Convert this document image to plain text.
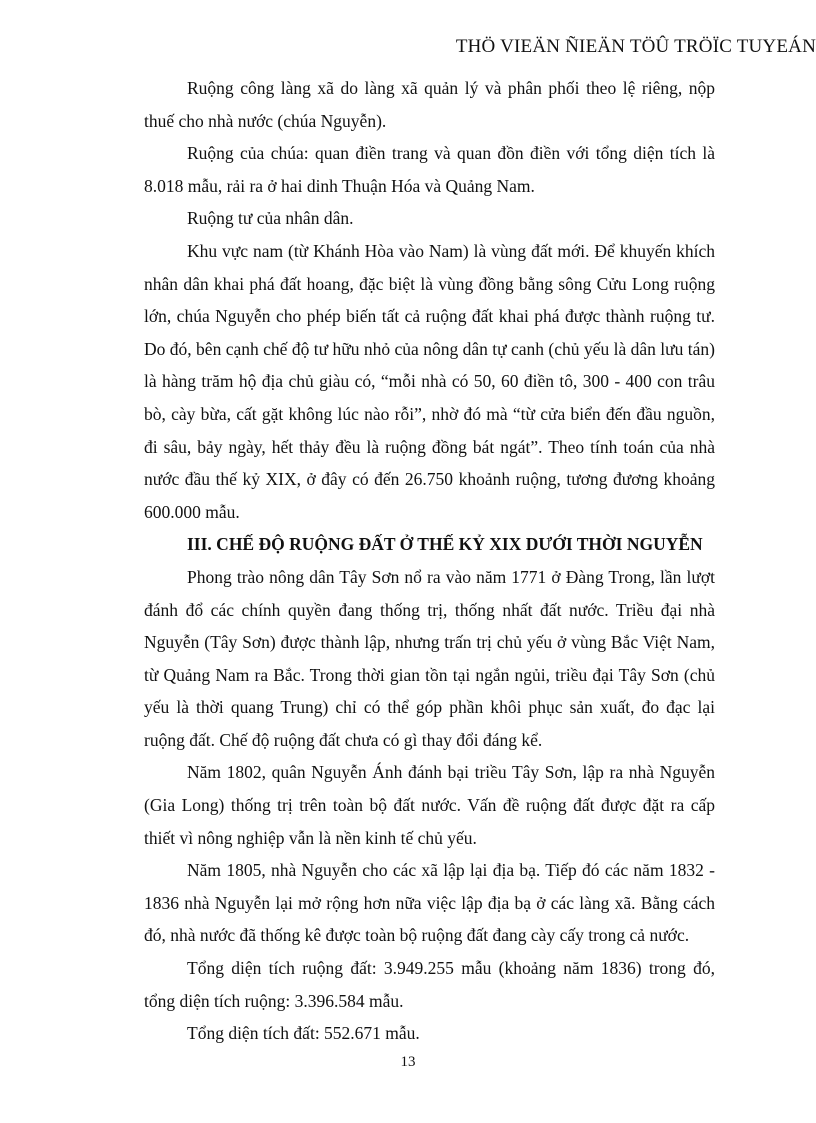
THÖ VIEÄN ÑIEÄN TÖÛ TRÖÏC TUYEÁN

Ruộng công làng xã do làng xã quản lý và phân phối theo lệ riêng, nộp thuế cho nhà nước (chúa Nguyễn).

Ruộng của chúa: quan điền trang và quan đồn điền với tổng diện tích là 8.018 mẫu, rải ra ở hai dinh Thuận Hóa và Quảng Nam.

Ruộng tư của nhân dân.

Khu vực nam (từ Khánh Hòa vào Nam) là vùng đất mới. Để khuyến khích nhân dân khai phá đất hoang, đặc biệt là vùng đồng bằng sông Cửu Long ruộng lớn, chúa Nguyễn cho phép biến tất cả ruộng đất khai phá được thành ruộng tư. Do đó, bên cạnh chế độ tư hữu nhỏ của nông dân tự canh (chủ yếu là dân lưu tán) là hàng trăm hộ địa chủ giàu có, “mỗi nhà có 50, 60 điền tô, 300 - 400 con trâu bò, cày bừa, cất gặt không lúc nào rỗi”, nhờ đó mà “từ cửa biển đến đầu nguồn, đi sâu, bảy ngày, hết thảy đều là ruộng đồng bát ngát”. Theo tính toán của nhà nước đầu thế kỷ XIX, ở đây có đến 26.750 khoảnh ruộng, tương đương khoảng 600.000 mẫu.

III. CHẾ ĐỘ RUỘNG ĐẤT Ở THẾ KỶ XIX DƯỚI THỜI NGUYỄN

Phong trào nông dân Tây Sơn nổ ra vào năm 1771 ở Đàng Trong, lần lượt đánh đổ các chính quyền đang thống trị, thống nhất đất nước. Triều đại nhà Nguyễn (Tây Sơn) được thành lập, nhưng trấn trị chủ yếu ở vùng Bắc Việt Nam, từ Quảng Nam ra Bắc. Trong thời gian tồn tại ngắn ngủi, triều đại Tây Sơn (chủ yếu là thời quang Trung) chỉ có thể góp phần khôi phục sản xuất, đo đạc lại ruộng đất. Chế độ ruộng đất chưa có gì thay đổi đáng kể.

Năm 1802, quân Nguyễn Ánh đánh bại triều Tây Sơn, lập ra nhà Nguyễn (Gia Long) thống trị trên toàn bộ đất nước. Vấn đề ruộng đất được đặt ra cấp thiết vì nông nghiệp vẫn là nền kinh tế chủ yếu.

Năm 1805, nhà Nguyễn cho các xã lập lại địa bạ. Tiếp đó các năm 1832 - 1836 nhà Nguyễn lại mở rộng hơn nữa việc lập địa bạ ở các làng xã. Bằng cách đó, nhà nước đã thống kê được toàn bộ ruộng đất đang cày cấy trong cả nước.

Tổng diện tích ruộng đất: 3.949.255 mẫu (khoảng năm 1836) trong đó, tổng diện tích ruộng: 3.396.584 mẫu.

Tổng diện tích đất: 552.671 mẫu.

13
